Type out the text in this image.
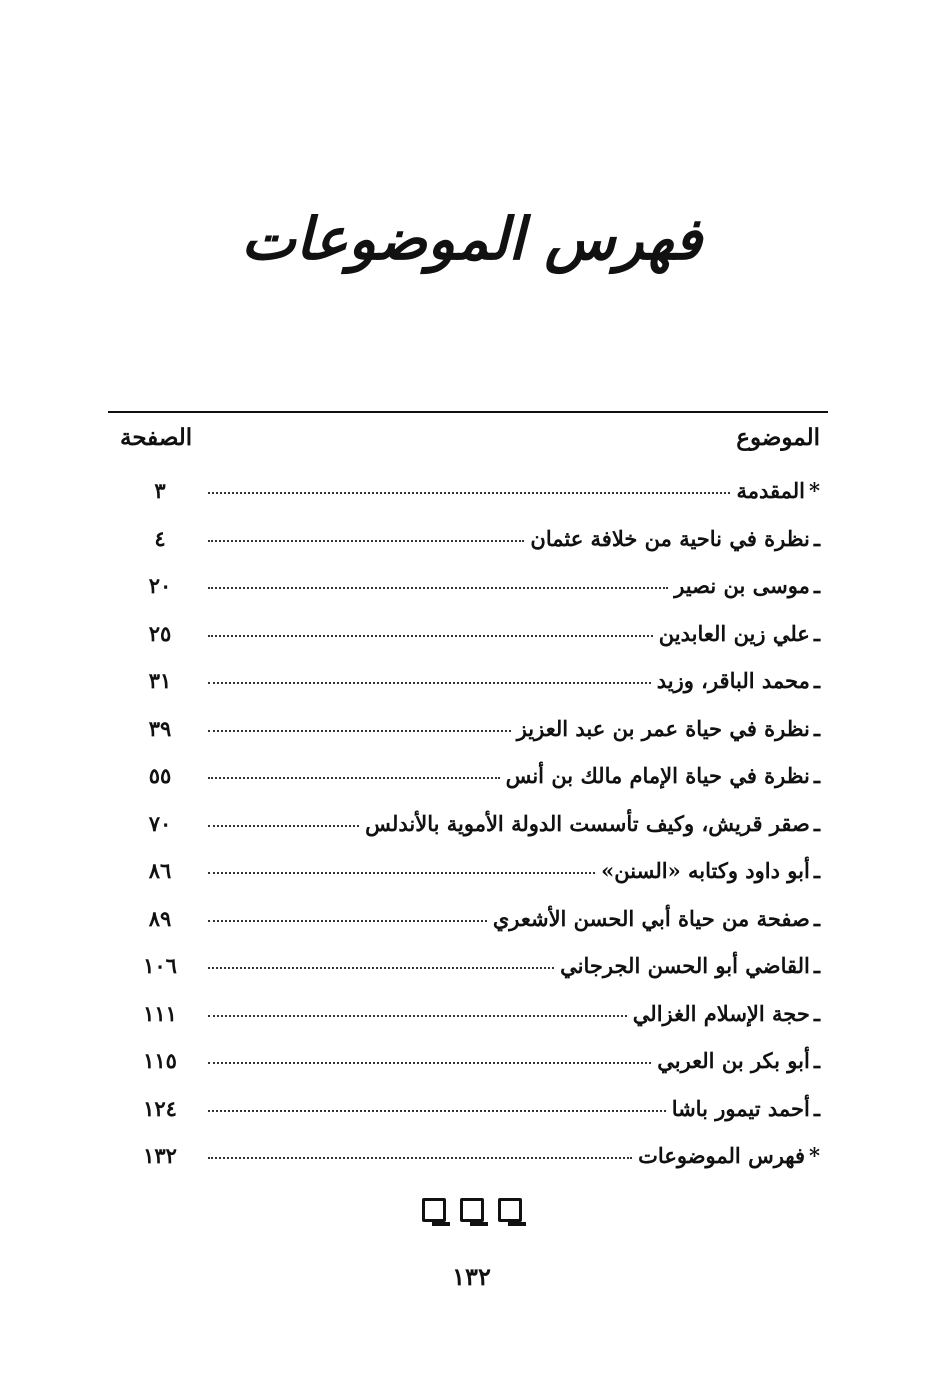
فهرس الموضوعات
الموضوع
الصفحة
*
المقدمة
٣
ـ
نظرة في ناحية من خلافة عثمان
٤
ـ
موسى بن نصير
٢٠
ـ
علي زين العابدين
٢٥
ـ
محمد الباقر، وزيد
٣١
ـ
نظرة في حياة عمر بن عبد العزيز
٣٩
ـ
نظرة في حياة الإمام مالك بن أنس
٥٥
ـ
صقر قريش، وكيف تأسست الدولة الأموية بالأندلس
٧٠
ـ
أبو داود وكتابه «السنن»
٨٦
ـ
صفحة من حياة أبي الحسن الأشعري
٨٩
ـ
القاضي أبو الحسن الجرجاني
١٠٦
ـ
حجة الإسلام الغزالي
١١١
ـ
أبو بكر بن العربي
١١٥
ـ
أحمد تيمور باشا
١٢٤
*
فهرس الموضوعات
١٣٢
١٣٢
